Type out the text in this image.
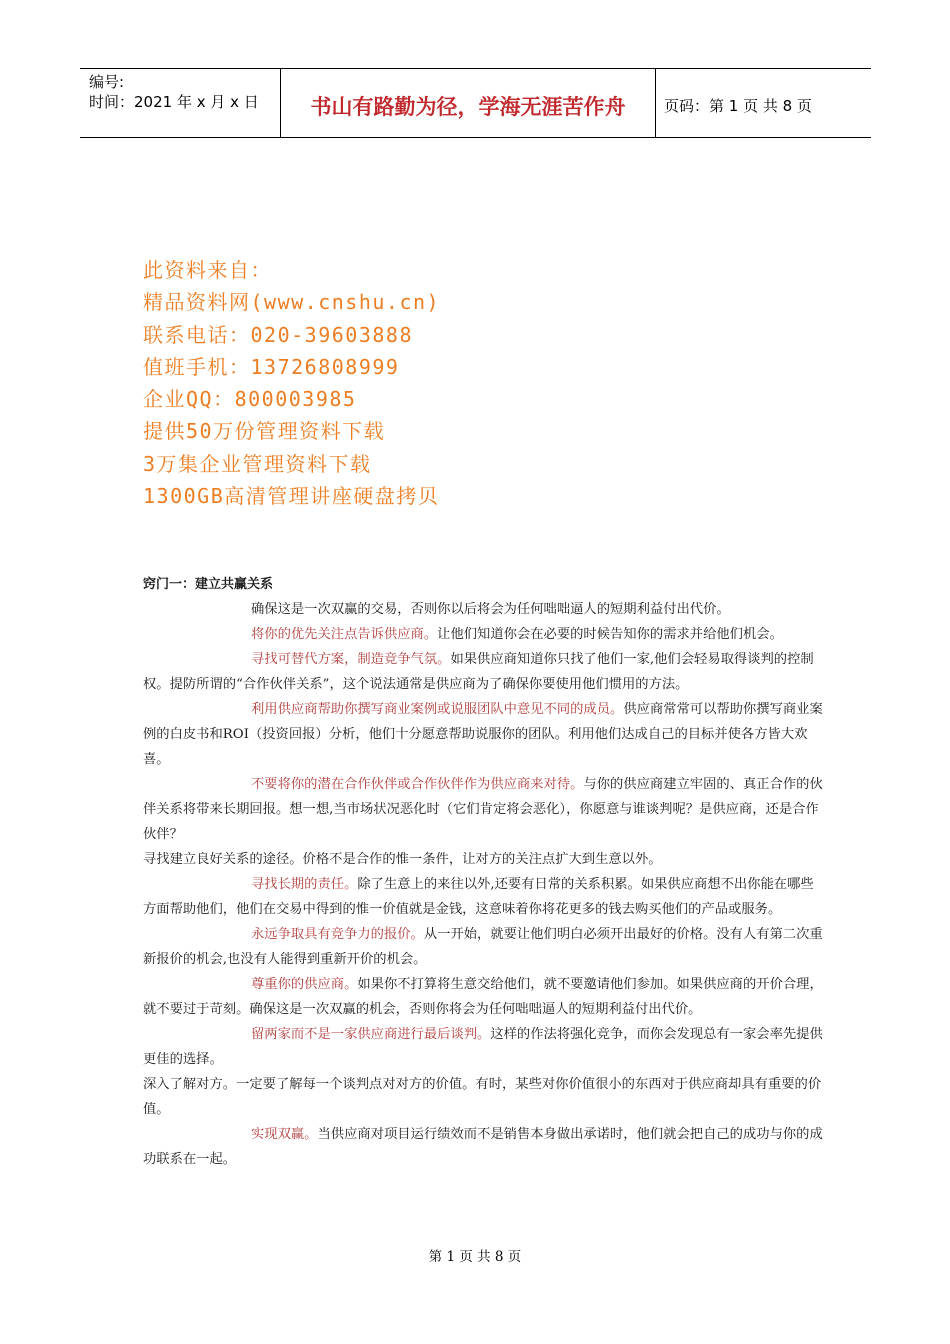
编号:
时间：2021 年 x 月 x 日	书山有路勤为径，学海无涯苦作舟	页码：第 1 页 共 8 页
此资料来自：
精品资料网(www.cnshu.cn)
联系电话：020-39603888
值班手机：13726808999
企业QQ：800003985
提供50万份管理资料下载
3万集企业管理资料下载
1300GB高清管理讲座硬盘拷贝
窍门一：建立共赢关系

确保这是一次双赢的交易，否则你以后将会为任何咄咄逼人的短期利益付出代价。

将你的优先关注点告诉供应商。让他们知道你会在必要的时候告知你的需求并给他们机会。

寻找可替代方案，制造竞争气氛。如果供应商知道你只找了他们一家,他们会轻易取得谈判的控制权。提防所谓的“合作伙伴关系”，这个说法通常是供应商为了确保你要使用他们惯用的方法。

利用供应商帮助你撰写商业案例或说服团队中意见不同的成员。供应商常常可以帮助你撰写商业案例的白皮书和ROI（投资回报）分析，他们十分愿意帮助说服你的团队。利用他们达成自己的目标并使各方皆大欢喜。

不要将你的潜在合作伙伴或合作伙伴作为供应商来对待。与你的供应商建立牢固的、真正合作的伙伴关系将带来长期回报。想一想,当市场状况恶化时（它们肯定将会恶化），你愿意与谁谈判呢？是供应商，还是合作伙伴？

寻找建立良好关系的途径。价格不是合作的惟一条件，让对方的关注点扩大到生意以外。

寻找长期的责任。除了生意上的来往以外,还要有日常的关系积累。如果供应商想不出你能在哪些方面帮助他们，他们在交易中得到的惟一价值就是金钱，这意味着你将花更多的钱去购买他们的产品或服务。

永远争取具有竞争力的报价。从一开始，就要让他们明白必须开出最好的价格。没有人有第二次重新报价的机会,也没有人能得到重新开价的机会。

尊重你的供应商。如果你不打算将生意交给他们，就不要邀请他们参加。如果供应商的开价合理，就不要过于苛刻。确保这是一次双赢的机会，否则你将会为任何咄咄逼人的短期利益付出代价。

留两家而不是一家供应商进行最后谈判。这样的作法将强化竞争，而你会发现总有一家会率先提供更佳的选择。

深入了解对方。一定要了解每一个谈判点对对方的价值。有时，某些对你价值很小的东西对于供应商却具有重要的价值。

实现双赢。当供应商对项目运行绩效而不是销售本身做出承诺时，他们就会把自己的成功与你的成功联系在一起。

第 1 页 共 8 页
